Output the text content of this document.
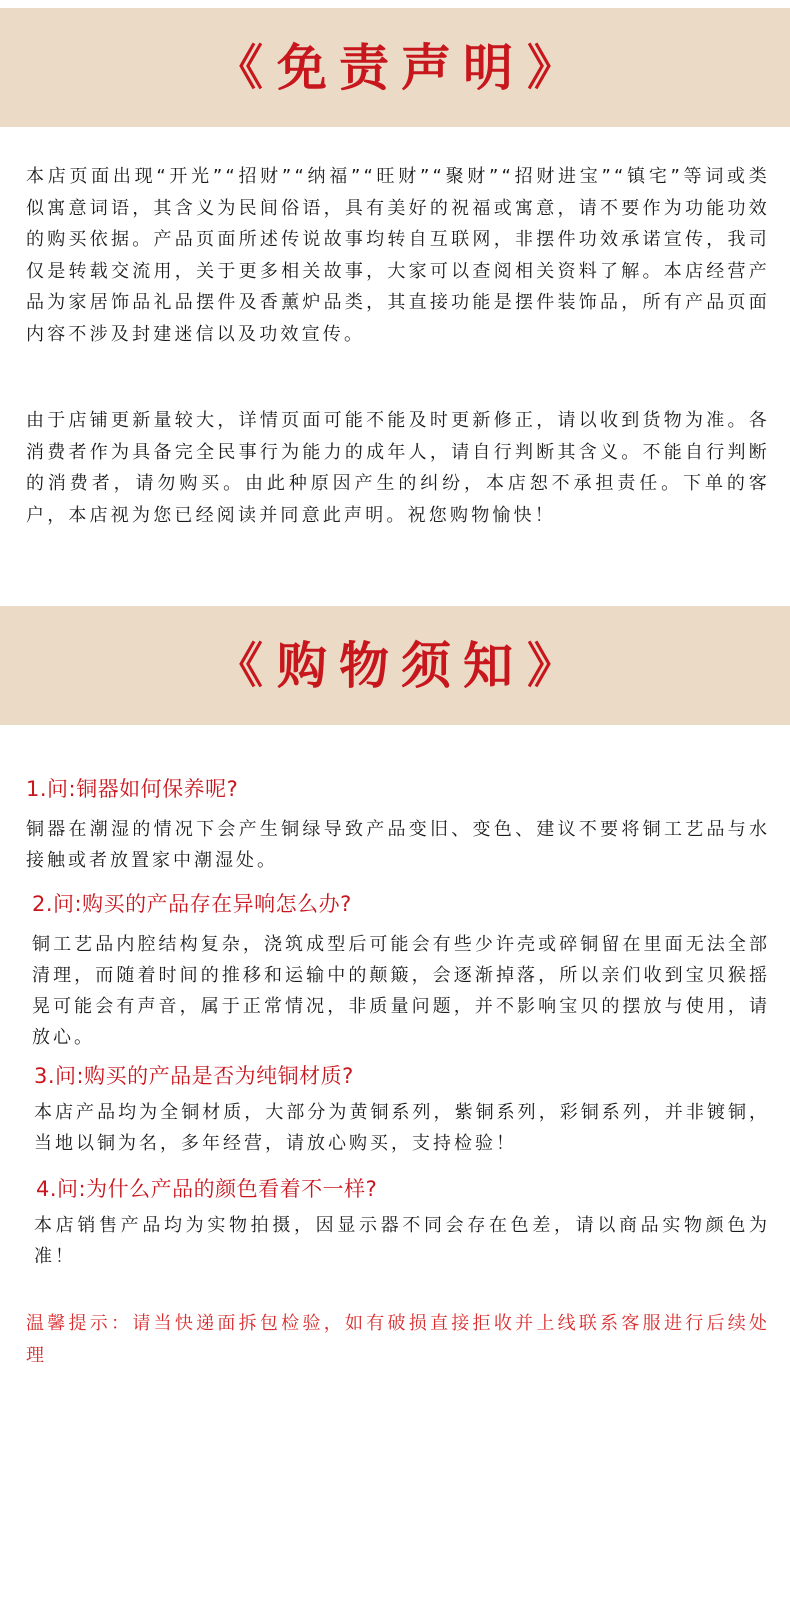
《 免责声明 》

本店页面出现“开光”“招财”“纳福”“旺财”“聚财”“招财进宝”“镇宅”等词或类似寓意词语，其含义为民间俗语，具有美好的祝福或寓意，请不要作为功能功效的购买依据。产品页面所述传说故事均转自互联网，非摆件功效承诺宣传，我司仅是转载交流用，关于更多相关故事，大家可以查阅相关资料了解。本店经营产品为家居饰品礼品摆件及香薰炉品类，其直接功能是摆件装饰品，所有产品页面内容不涉及封建迷信以及功效宣传。

由于店铺更新量较大，详情页面可能不能及时更新修正，请以收到货物为准。各消费者作为具备完全民事行为能力的成年人，请自行判断其含义。不能自行判断的消费者，请勿购买。由此种原因产生的纠纷，本店恕不承担责任。下单的客户，本店视为您已经阅读并同意此声明。祝您购物愉快！

《 购物须知 》

1.问:铜器如何保养呢?

铜器在潮湿的情况下会产生铜绿导致产品变旧、变色、建议不要将铜工艺品与水接触或者放置家中潮湿处。

2.问:购买的产品存在异响怎么办?

铜工艺品内腔结构复杂，浇筑成型后可能会有些少许壳或碎铜留在里面无法全部清理，而随着时间的推移和运输中的颠簸，会逐渐掉落，所以亲们收到宝贝猴摇晃可能会有声音，属于正常情况，非质量问题，并不影响宝贝的摆放与使用，请放心。

3.问:购买的产品是否为纯铜材质?

本店产品均为全铜材质，大部分为黄铜系列，紫铜系列，彩铜系列，并非镀铜，当地以铜为名，多年经营，请放心购买，支持检验！

4.问:为什么产品的颜色看着不一样?

本店销售产品均为实物拍摄，因显示器不同会存在色差，请以商品实物颜色为准！

温馨提示：请当快递面拆包检验，如有破损直接拒收并上线联系客服进行后续处理
